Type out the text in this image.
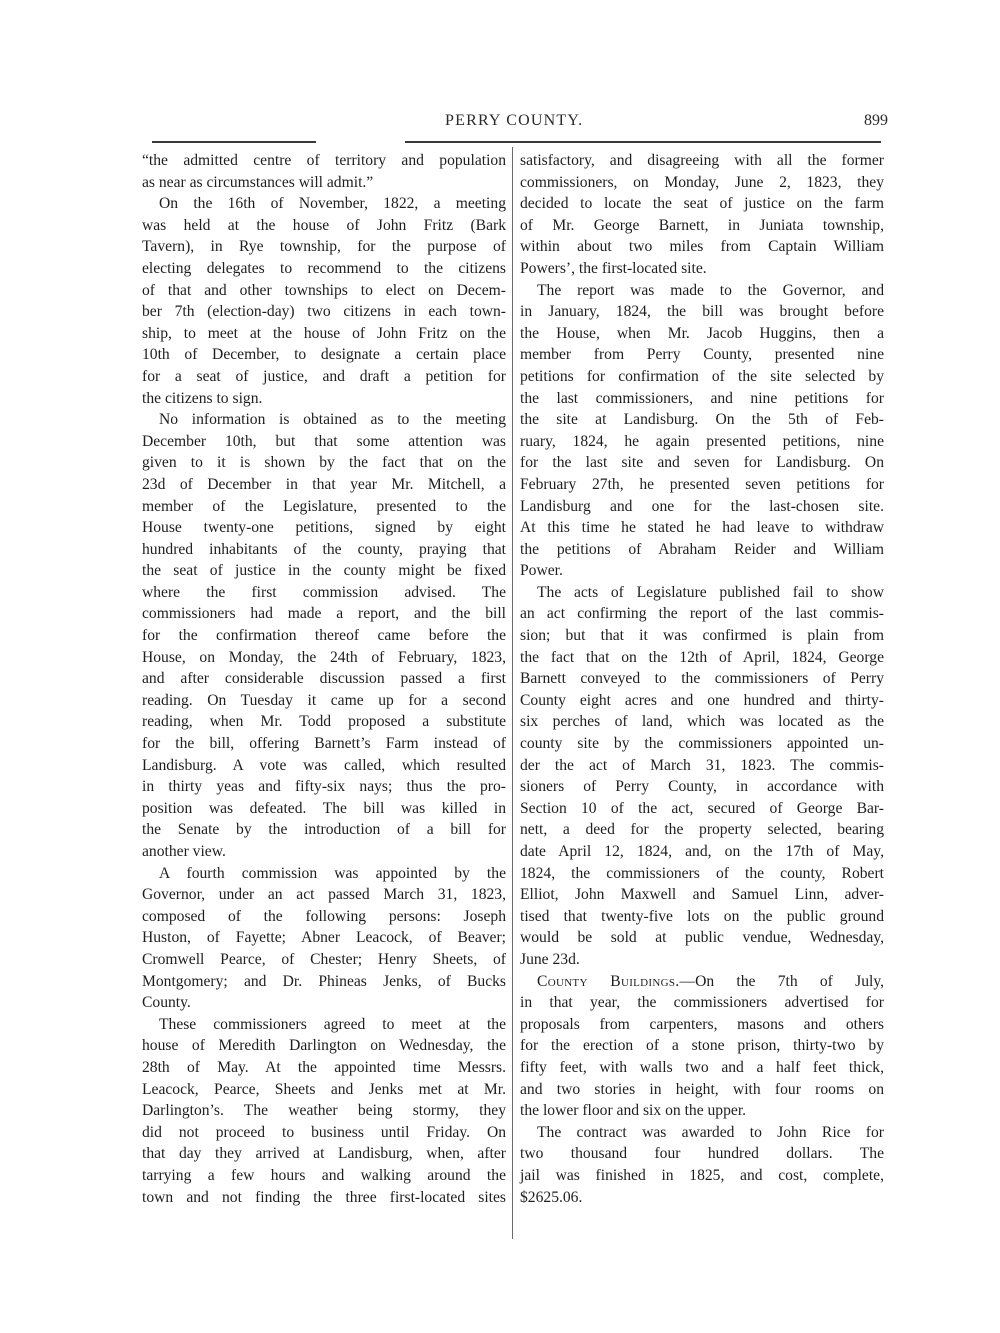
PERRY COUNTY.	899
“the admitted centre of territory and population
as near as circumstances will admit.”
On the 16th of November, 1822, a meeting
was held at the house of John Fritz (Bark
Tavern), in Rye township, for the purpose of
electing delegates to recommend to the citizens
of that and other townships to elect on Decem-
ber 7th (election-day) two citizens in each town-
ship, to meet at the house of John Fritz on the
10th of December, to designate a certain place
for a seat of justice, and draft a petition for
the citizens to sign.
No information is obtained as to the meeting
December 10th, but that some attention was
given to it is shown by the fact that on the
23d of December in that year Mr. Mitchell, a
member of the Legislature, presented to the
House twenty-one petitions, signed by eight
hundred inhabitants of the county, praying that
the seat of justice in the county might be fixed
where the first commission advised. The
commissioners had made a report, and the bill
for the confirmation thereof came before the
House, on Monday, the 24th of February, 1823,
and after considerable discussion passed a first
reading. On Tuesday it came up for a second
reading, when Mr. Todd proposed a substitute
for the bill, offering Barnett’s Farm instead of
Landisburg. A vote was called, which resulted
in thirty yeas and fifty-six nays; thus the pro-
position was defeated. The bill was killed in
the Senate by the introduction of a bill for
another view.
A fourth commission was appointed by the
Governor, under an act passed March 31, 1823,
composed of the following persons: Joseph
Huston, of Fayette; Abner Leacock, of Beaver;
Cromwell Pearce, of Chester; Henry Sheets, of
Montgomery; and Dr. Phineas Jenks, of Bucks
County.
These commissioners agreed to meet at the
house of Meredith Darlington on Wednesday, the
28th of May. At the appointed time Messrs.
Leacock, Pearce, Sheets and Jenks met at Mr.
Darlington’s. The weather being stormy, they
did not proceed to business until Friday. On
that day they arrived at Landisburg, when, after
tarrying a few hours and walking around the
town and not finding the three first-located sites
satisfactory, and disagreeing with all the former
commissioners, on Monday, June 2, 1823, they
decided to locate the seat of justice on the farm
of Mr. George Barnett, in Juniata township,
within about two miles from Captain William
Powers’, the first-located site.
The report was made to the Governor, and
in January, 1824, the bill was brought before
the House, when Mr. Jacob Huggins, then a
member from Perry County, presented nine
petitions for confirmation of the site selected by
the last commissioners, and nine petitions for
the site at Landisburg. On the 5th of Feb-
ruary, 1824, he again presented petitions, nine
for the last site and seven for Landisburg. On
February 27th, he presented seven petitions for
Landisburg and one for the last-chosen site.
At this time he stated he had leave to withdraw
the petitions of Abraham Reider and William
Power.
The acts of Legislature published fail to show
an act confirming the report of the last commis-
sion; but that it was confirmed is plain from
the fact that on the 12th of April, 1824, George
Barnett conveyed to the commissioners of Perry
County eight acres and one hundred and thirty-
six perches of land, which was located as the
county site by the commissioners appointed un-
der the act of March 31, 1823. The commis-
sioners of Perry County, in accordance with
Section 10 of the act, secured of George Bar-
nett, a deed for the property selected, bearing
date April 12, 1824, and, on the 17th of May,
1824, the commissioners of the county, Robert
Elliot, John Maxwell and Samuel Linn, adver-
tised that twenty-five lots on the public ground
would be sold at public vendue, Wednesday,
June 23d.
County Buildings.—On the 7th of July,
in that year, the commissioners advertised for
proposals from carpenters, masons and others
for the erection of a stone prison, thirty-two by
fifty feet, with walls two and a half feet thick,
and two stories in height, with four rooms on
the lower floor and six on the upper.
The contract was awarded to John Rice for
two thousand four hundred dollars. The
jail was finished in 1825, and cost, complete,
$2625.06.
